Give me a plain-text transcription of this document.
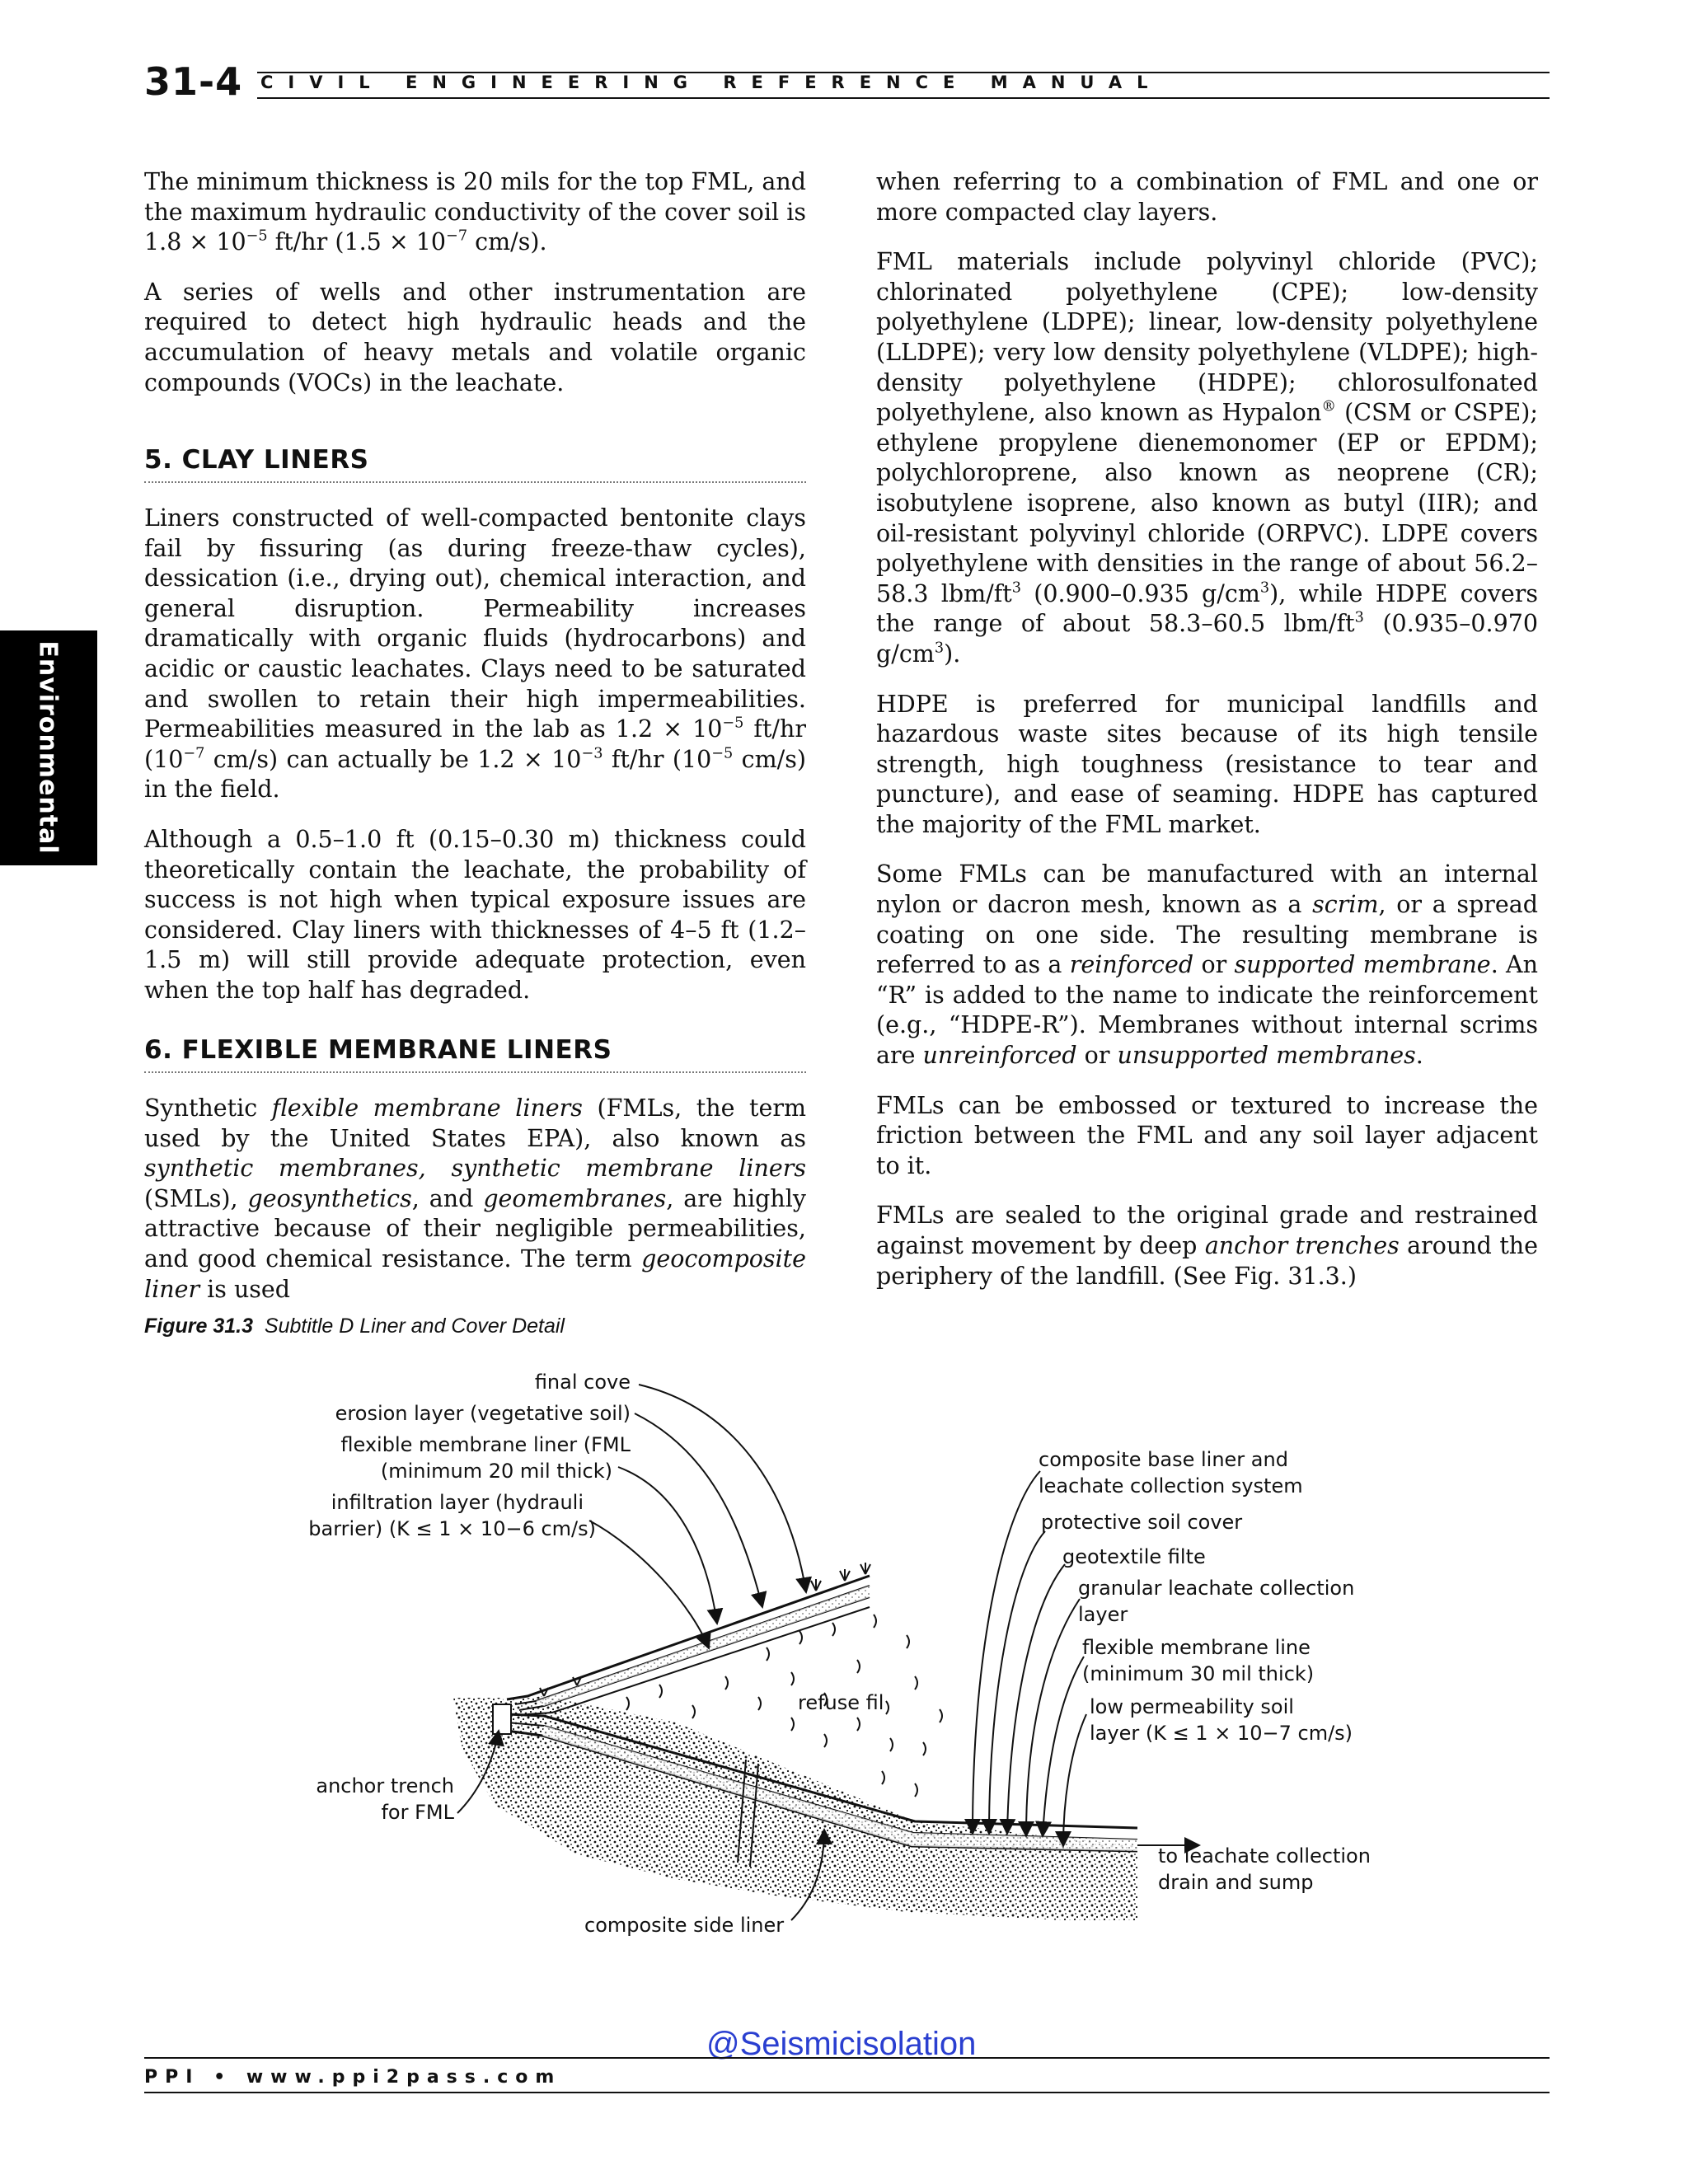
31-4 CIVIL ENGINEERING REFERENCE MANUAL
Environmental

The minimum thickness is 20 mils for the top FML, and the maximum hydraulic conductivity of the cover soil is $1.8 \times 10^{-5}$ ft/hr ($1.5 \times 10^{-7}$ cm/s).

A series of wells and other instrumentation are required to detect high hydraulic heads and the accumulation of heavy metals and volatile organic compounds (VOCs) in the leachate.

5. CLAY LINERS

Liners constructed of well-compacted bentonite clays fail by fissuring (as during freeze-thaw cycles), dessication (i.e., drying out), chemical interaction, and general disruption. Permeability increases dramatically with organic fluids (hydrocarbons) and acidic or caustic leachates. Clays need to be saturated and swollen to retain their high impermeabilities. Permeabilities measured in the lab as $1.2 \times 10^{-5}$ ft/hr ($10^{-7}$ cm/s) can actually be $1.2 \times 10^{-3}$ ft/hr ($10^{-5}$ cm/s) in the field.

Although a 0.5–1.0 ft (0.15–0.30 m) thickness could theoretically contain the leachate, the probability of success is not high when typical exposure issues are considered. Clay liners with thicknesses of 4–5 ft (1.2–1.5 m) will still provide adequate protection, even when the top half has degraded.

6. FLEXIBLE MEMBRANE LINERS

Synthetic flexible membrane liners (FMLs, the term used by the United States EPA), also known as synthetic membranes, synthetic membrane liners (SMLs), geosynthetics, and geomembranes, are highly attractive because of their negligible permeabilities, and good chemical resistance. The term geocomposite liner is used

when referring to a combination of FML and one or more compacted clay layers.

FML materials include polyvinyl chloride (PVC); chlorinated polyethylene (CPE); low-density polyethylene (LDPE); linear, low-density polyethylene (LLDPE); very low density polyethylene (VLDPE); high-density polyethylene (HDPE); chlorosulfonated polyethylene, also known as Hypalon® (CSM or CSPE); ethylene propylene dienemonomer (EP or EPDM); polychloroprene, also known as neoprene (CR); isobutylene isoprene, also known as butyl (IIR); and oil-resistant polyvinyl chloride (ORPVC). LDPE covers polyethylene with densities in the range of about 56.2–58.3 lbm/$ft^3$ (0.900–0.935 $g/cm^3$), while HDPE covers the range of about 58.3–60.5 lbm/$ft^3$ (0.935–0.970 $g/cm^3$).

HDPE is preferred for municipal landfills and hazardous waste sites because of its high tensile strength, high toughness (resistance to tear and puncture), and ease of seaming. HDPE has captured the majority of the FML market.

Some FMLs can be manufactured with an internal nylon or dacron mesh, known as a scrim, or a spread coating on one side. The resulting membrane is referred to as a reinforced or supported membrane. An “R” is added to the name to indicate the reinforcement (e.g., “HDPE-R”). Membranes without internal scrims are unreinforced or unsupported membranes.

FMLs can be embossed or textured to increase the friction between the FML and any soil layer adjacent to it.

FMLs are sealed to the original grade and restrained against movement by deep anchor trenches around the periphery of the landfill. (See Fig. 31.3.)

Figure 31.3 Subtitle D Liner and Cover Detail
final cove
erosion layer (vegetative soil)
flexible membrane liner (FML
(minimum 20 mil thick)
infiltration layer (hydrauli
barrier) (K ≤ 1 × 10−6 cm/s)
composite base liner and
leachate collection system
protective soil cover
geotextile filte
granular leachate collection
layer
flexible membrane line
(minimum 30 mil thick)
low permeability soil
layer (K ≤ 1 × 10−7 cm/s)
refuse fil
anchor trench
for FML
to leachate collection
drain and sump
composite side liner
@Seismicisolation
PPI • www.ppi2pass.com
